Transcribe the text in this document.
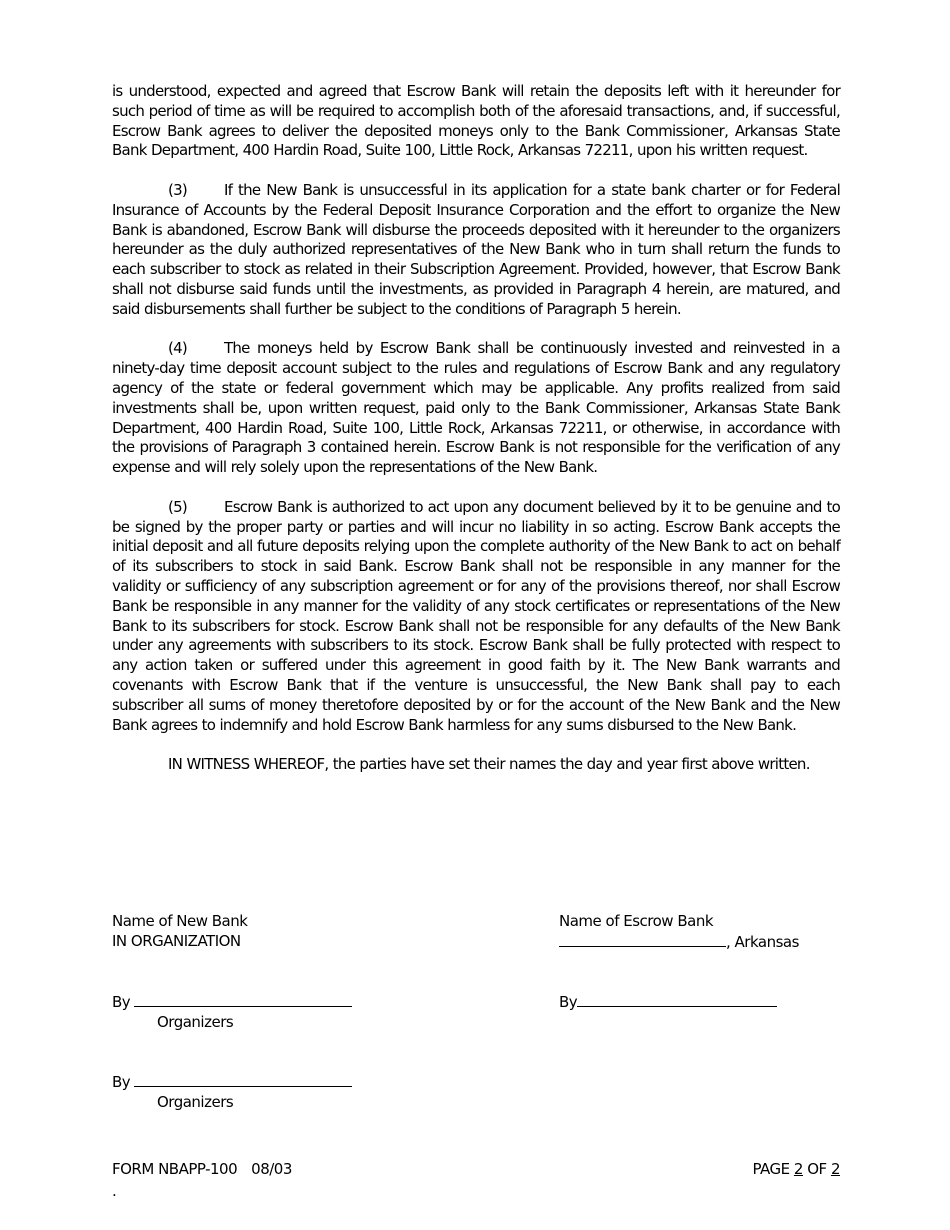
is understood, expected and agreed that Escrow Bank will retain the deposits left with it hereunder for such period of time as will be required to accomplish both of the aforesaid transactions, and, if successful, Escrow Bank agrees to deliver the deposited moneys only to the Bank Commissioner, Arkansas State Bank Department, 400 Hardin Road, Suite 100, Little Rock, Arkansas 72211, upon his written request.

(3) If the New Bank is unsuccessful in its application for a state bank charter or for Federal Insurance of Accounts by the Federal Deposit Insurance Corporation and the effort to organize the New Bank is abandoned, Escrow Bank will disburse the proceeds deposited with it hereunder to the organizers hereunder as the duly authorized representatives of the New Bank who in turn shall return the funds to each subscriber to stock as related in their Subscription Agreement. Provided, however, that Escrow Bank shall not disburse said funds until the investments, as provided in Paragraph 4 herein, are matured, and said disbursements shall further be subject to the conditions of Paragraph 5 herein.

(4) The moneys held by Escrow Bank shall be continuously invested and reinvested in a ninety-day time deposit account subject to the rules and regulations of Escrow Bank and any regulatory agency of the state or federal government which may be applicable. Any profits realized from said investments shall be, upon written request, paid only to the Bank Commissioner, Arkansas State Bank Department, 400 Hardin Road, Suite 100, Little Rock, Arkansas 72211, or otherwise, in accordance with the provisions of Paragraph 3 contained herein. Escrow Bank is not responsible for the verification of any expense and will rely solely upon the representations of the New Bank.

(5) Escrow Bank is authorized to act upon any document believed by it to be genuine and to be signed by the proper party or parties and will incur no liability in so acting. Escrow Bank accepts the initial deposit and all future deposits relying upon the complete authority of the New Bank to act on behalf of its subscribers to stock in said Bank. Escrow Bank shall not be responsible in any manner for the validity or sufficiency of any subscription agreement or for any of the provisions thereof, nor shall Escrow Bank be responsible in any manner for the validity of any stock certificates or representations of the New Bank to its subscribers for stock. Escrow Bank shall not be responsible for any defaults of the New Bank under any agreements with subscribers to its stock. Escrow Bank shall be fully protected with respect to any action taken or suffered under this agreement in good faith by it. The New Bank warrants and covenants with Escrow Bank that if the venture is unsuccessful, the New Bank shall pay to each subscriber all sums of money theretofore deposited by or for the account of the New Bank and the New Bank agrees to indemnify and hold Escrow Bank harmless for any sums disbursed to the New Bank.

IN WITNESS WHEREOF, the parties have set their names the day and year first above written.

Name of New Bank
IN ORGANIZATION
By
Organizers
By
Organizers
Name of Escrow Bank
, Arkansas
By
FORM NBAPP-100 08/03
.
PAGE 2 OF 2
